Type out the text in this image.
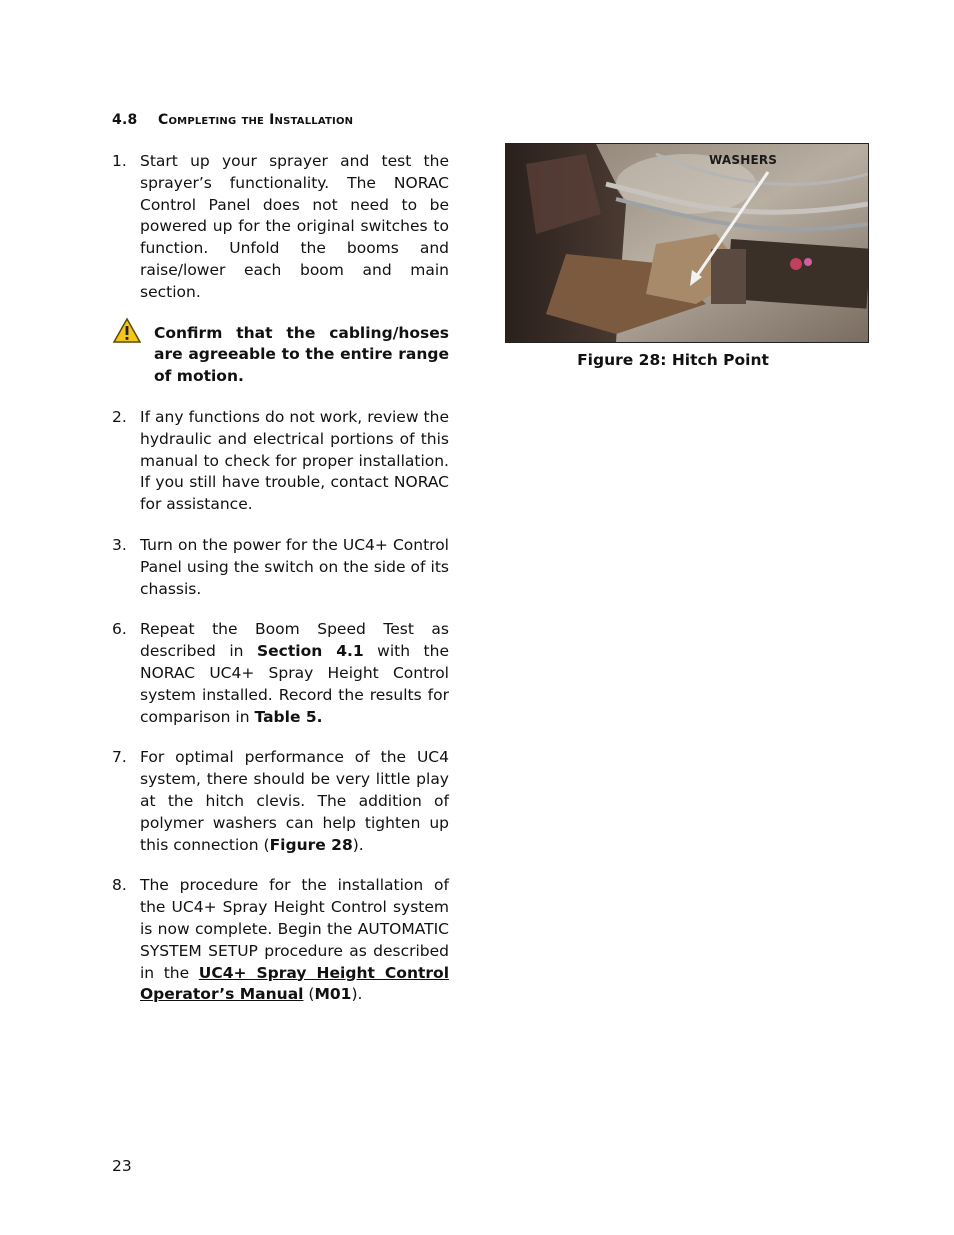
4.8 Completing the Installation
1. Start up your sprayer and test the sprayer’s functionality. The NORAC Control Panel does not need to be powered up for the original switches to function. Unfold the booms and raise/lower each boom and main section.
Confirm that the cabling/hoses are agreeable to the entire range of motion.
2. If any functions do not work, review the hydraulic and electrical portions of this manual to check for proper installation. If you still have trouble, contact NORAC for assistance.
3. Turn on the power for the UC4+ Control Panel using the switch on the side of its chassis.
6. Repeat the Boom Speed Test as described in Section 4.1 with the NORAC UC4+ Spray Height Control system installed. Record the results for comparison in Table 5.
7. For optimal performance of the UC4 system, there should be very little play at the hitch clevis. The addition of polymer washers can help tighten up this connection (Figure 28).
8. The procedure for the installation of the UC4+ Spray Height Control system is now complete. Begin the AUTOMATIC SYSTEM SETUP procedure as described in the UC4+ Spray Height Control Operator’s Manual (M01).
WASHERS
Figure 28: Hitch Point
23
